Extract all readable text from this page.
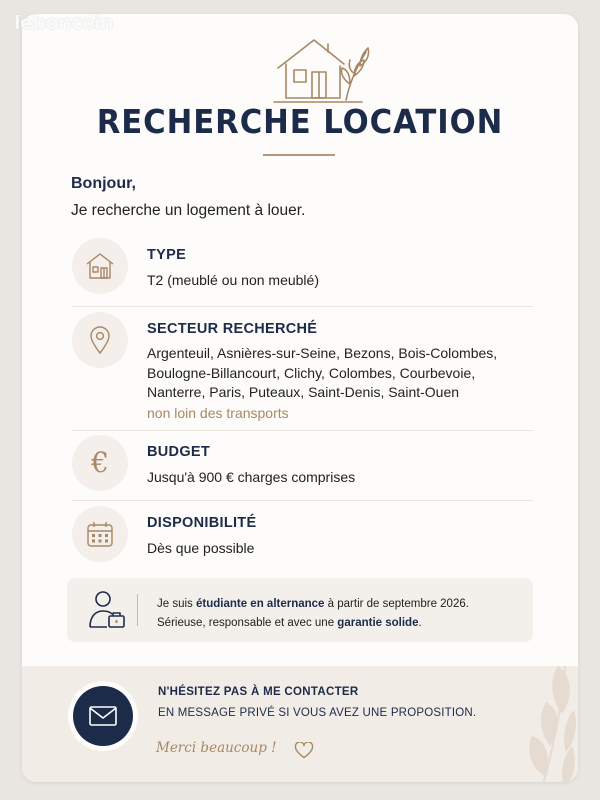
leboncoin
RECHERCHE LOCATION
Bonjour,
Je recherche un logement à louer.
TYPE
T2 (meublé ou non meublé)
SECTEUR RECHERCHÉ
Argenteuil, Asnières-sur-Seine, Bezons, Bois-Colombes,
Boulogne-Billancourt, Clichy, Colombes, Courbevoie,
Nanterre, Paris, Puteaux, Saint-Denis, Saint-Ouen
non loin des transports
€	BUDGET
Jusqu'à 900 € charges comprises
DISPONIBILITÉ
Dès que possible
Je suis étudiante en alternance à partir de septembre 2026.
Sérieuse, responsable et avec une garantie solide.
N'HÉSITEZ PAS À ME CONTACTER
EN MESSAGE PRIVÉ SI VOUS AVEZ UNE PROPOSITION.
Merci beaucoup !
